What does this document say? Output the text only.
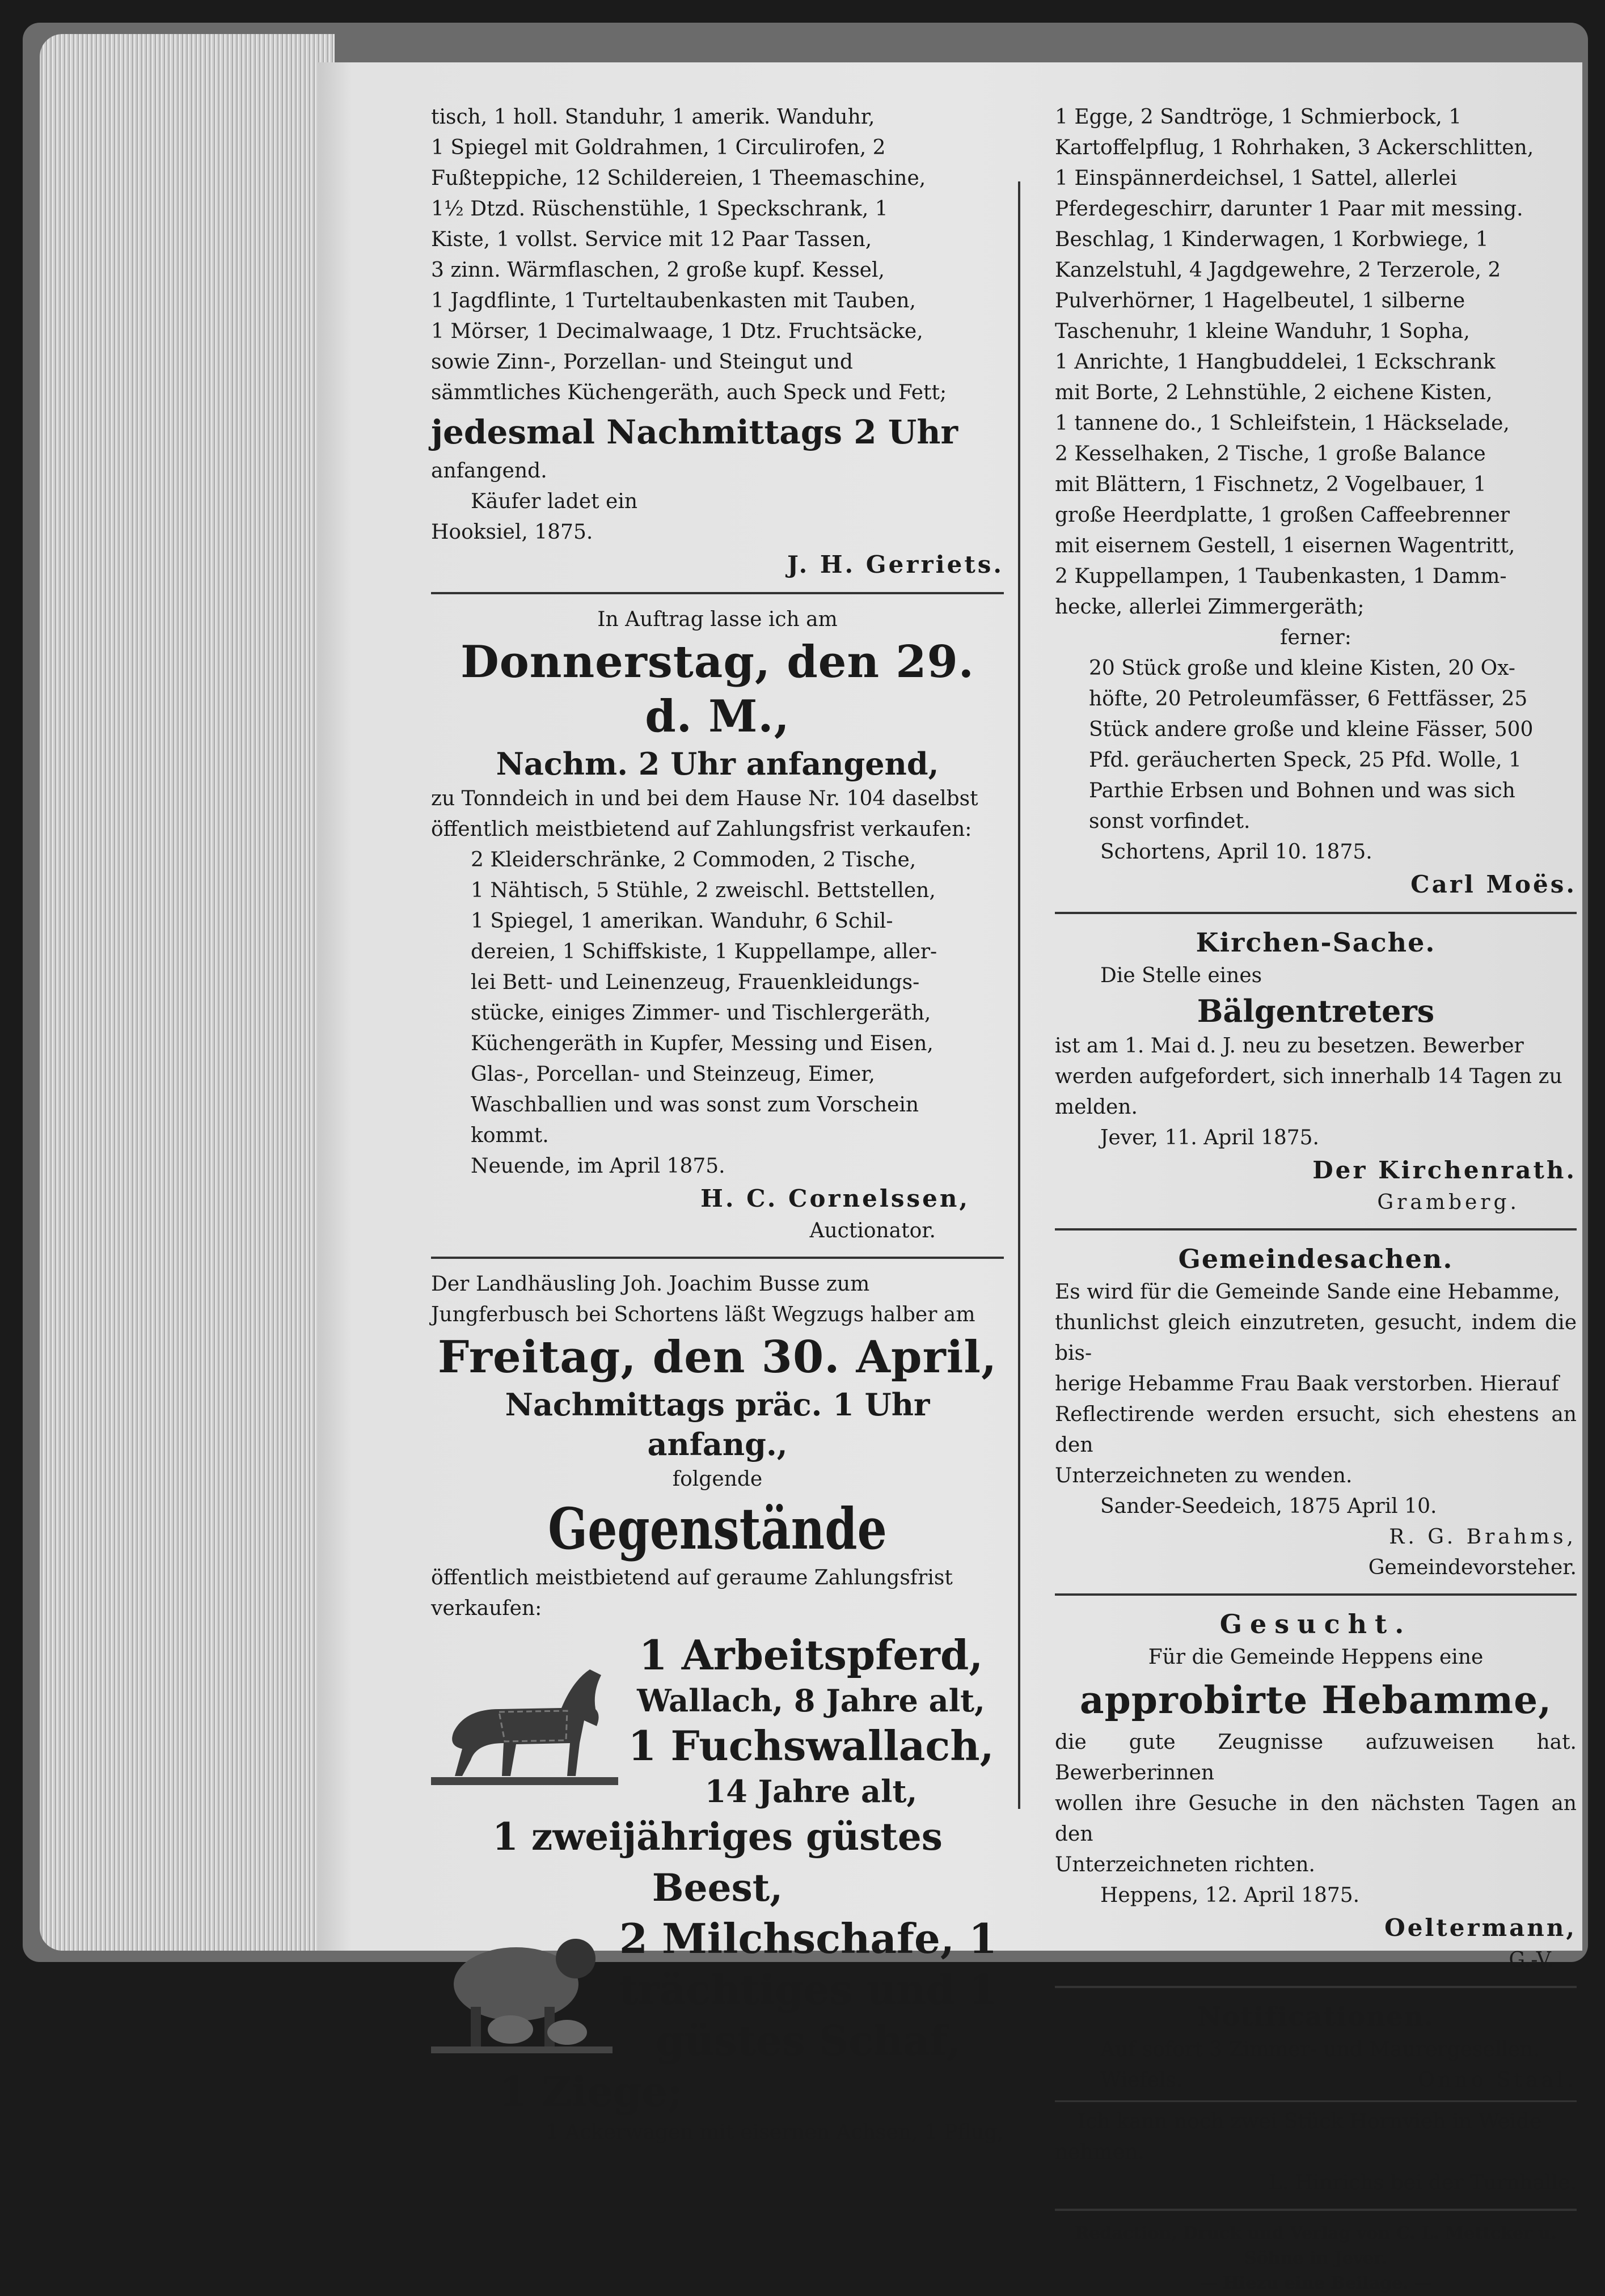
tisch, 1 holl. Standuhr, 1 amerik. Wanduhr,

1 Spiegel mit Goldrahmen, 1 Circulirofen, 2

Fußteppiche, 12 Schildereien, 1 Theemaschine,

1½ Dtzd. Rüschenstühle, 1 Speckschrank, 1

Kiste, 1 vollst. Service mit 12 Paar Tassen,

3 zinn. Wärmflaschen, 2 große kupf. Kessel,

1 Jagdflinte, 1 Turteltaubenkasten mit Tauben,

1 Mörser, 1 Decimalwaage, 1 Dtz. Fruchtsäcke,

sowie Zinn-, Porzellan- und Steingut und

sämmtliches Küchengeräth, auch Speck und Fett;

jedesmal Nachmittags 2 Uhr

anfangend.

Käufer ladet ein

Hooksiel, 1875.

J. H. Gerriets.

In Auftrag lasse ich am

Donnerstag, den 29. d. M.,

Nachm. 2 Uhr anfangend,

zu Tonndeich in und bei dem Hause Nr. 104 daselbst

öffentlich meistbietend auf Zahlungsfrist verkaufen:

2 Kleiderschränke, 2 Commoden, 2 Tische,

1 Nähtisch, 5 Stühle, 2 zweischl. Bettstellen,

1 Spiegel, 1 amerikan. Wanduhr, 6 Schil-

dereien, 1 Schiffskiste, 1 Kuppellampe, aller-

lei Bett- und Leinenzeug, Frauenkleidungs-

stücke, einiges Zimmer- und Tischlergeräth,

Küchengeräth in Kupfer, Messing und Eisen,

Glas-, Porcellan- und Steinzeug, Eimer,

Waschballien und was sonst zum Vorschein

kommt.

Neuende, im April 1875.

H. C. Cornelssen,

Auctionator.

Der Landhäusling Joh. Joachim Busse zum

Jungferbusch bei Schortens läßt Wegzugs halber am

Freitag, den 30. April,

Nachmittags präc. 1 Uhr anfang.,

folgende

Gegenstände

öffentlich meistbietend auf geraume Zahlungsfrist

verkaufen:

1 Arbeitspferd,

Wallach, 8 Jahre alt,

1 Fuchswallach,

14 Jahre alt,

1 zweijähriges güstes Beest,

2 Milchschafe, 1

trächtiges und 1

güstes Schaf,

1 Ziege;

1 Ackerwagen mit eisernen Achsen, 1 Pflug,

1 Egge, 2 Sandtröge, 1 Schmierbock, 1

Kartoffelpflug, 1 Rohrhaken, 3 Ackerschlitten,

1 Einspännerdeichsel, 1 Sattel, allerlei

Pferdegeschirr, darunter 1 Paar mit messing.

Beschlag, 1 Kinderwagen, 1 Korbwiege, 1

Kanzelstuhl, 4 Jagdgewehre, 2 Terzerole, 2

Pulverhörner, 1 Hagelbeutel, 1 silberne

Taschenuhr, 1 kleine Wanduhr, 1 Sopha,

1 Anrichte, 1 Hangbuddelei, 1 Eckschrank

mit Borte, 2 Lehnstühle, 2 eichene Kisten,

1 tannene do., 1 Schleifstein, 1 Häckselade,

2 Kesselhaken, 2 Tische, 1 große Balance

mit Blättern, 1 Fischnetz, 2 Vogelbauer, 1

große Heerdplatte, 1 großen Caffeebrenner

mit eisernem Gestell, 1 eisernen Wagentritt,

2 Kuppellampen, 1 Taubenkasten, 1 Damm-

hecke, allerlei Zimmergeräth;

ferner:

20 Stück große und kleine Kisten, 20 Ox-

höfte, 20 Petroleumfässer, 6 Fettfässer, 25

Stück andere große und kleine Fässer, 500

Pfd. geräucherten Speck, 25 Pfd. Wolle, 1

Parthie Erbsen und Bohnen und was sich

sonst vorfindet.

Schortens, April 10. 1875.

Carl Moës.

Kirchen-Sache.

Die Stelle eines

Bälgentreters

ist am 1. Mai d. J. neu zu besetzen. Bewerber

werden aufgefordert, sich innerhalb 14 Tagen zu

melden.

Jever, 11. April 1875.

Der Kirchenrath.

Gramberg.

Gemeindesachen.

Es wird für die Gemeinde Sande eine Hebamme,

thunlichst gleich einzutreten, gesucht, indem die bis-

herige Hebamme Frau Baak verstorben. Hierauf

Reflectirende werden ersucht, sich ehestens an den

Unterzeichneten zu wenden.

Sander-Seedeich, 1875 April 10.

R. G. Brahms,

Gemeindevorsteher.

Gesucht.

Für die Gemeinde Heppens eine

approbirte Hebamme,

die gute Zeugnisse aufzuweisen hat. Bewerberinnen

wollen ihre Gesuche in den nächsten Tagen an den

Unterzeichneten richten.

Heppens, 12. April 1875.

Oeltermann,

G.-V.

Notificationen.

Auf sofort 3 Zimmer- und Maurergesellen.

Wiefels.	Onno Staal.

Ich kann noch zwei Stück Hornvieh in Weide

nehmen.

L. Hinrichs bei der Turnhalle.

Redaction, Druck und Verlag von C. L. Mettcker u. Söhne in Jever.

— Hiezu eine Beilage. —
